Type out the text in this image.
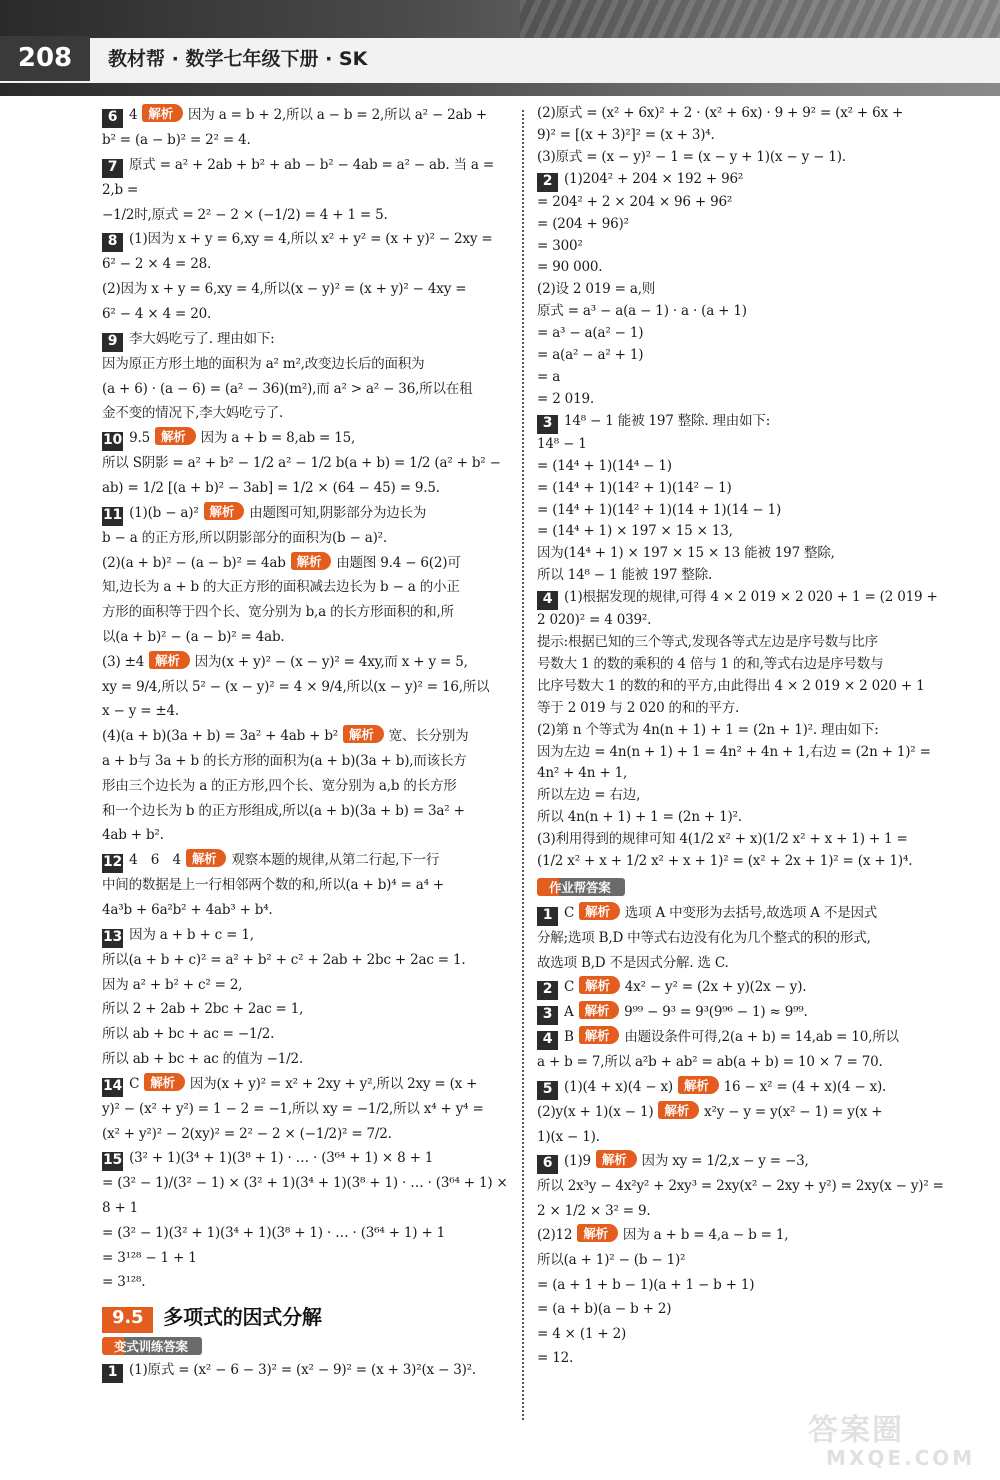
208	教材帮 · 数学七年级下册 · SK

6 4 解析 因为 a = b + 2,所以 a − b = 2,所以 a² − 2ab +

b² = (a − b)² = 2² = 4.

7 原式 = a² + 2ab + b² + ab − b² − 4ab = a² − ab. 当 a = 2,b =

−1/2时,原式 = 2² − 2 × (−1/2) = 4 + 1 = 5.

8 (1)因为 x + y = 6,xy = 4,所以 x² + y² = (x + y)² − 2xy =

6² − 2 × 4 = 28.

(2)因为 x + y = 6,xy = 4,所以(x − y)² = (x + y)² − 4xy =

6² − 4 × 4 = 20.

9 李大妈吃亏了. 理由如下:

因为原正方形土地的面积为 a² m²,改变边长后的面积为

(a + 6) · (a − 6) = (a² − 36)(m²),而 a² > a² − 36,所以在租

金不变的情况下,李大妈吃亏了.

10 9.5 解析 因为 a + b = 8,ab = 15,

所以 S阴影 = a² + b² − 1/2 a² − 1/2 b(a + b) = 1/2 (a² + b² −

ab) = 1/2 [(a + b)² − 3ab] = 1/2 × (64 − 45) = 9.5.

11 (1)(b − a)² 解析 由题图可知,阴影部分为边长为

b − a 的正方形,所以阴影部分的面积为(b − a)².

(2)(a + b)² − (a − b)² = 4ab 解析 由题图 9.4 − 6(2)可

知,边长为 a + b 的大正方形的面积减去边长为 b − a 的小正

方形的面积等于四个长、宽分别为 b,a 的长方形面积的和,所

以(a + b)² − (a − b)² = 4ab.

(3) ±4 解析 因为(x + y)² − (x − y)² = 4xy,而 x + y = 5,

xy = 9/4,所以 5² − (x − y)² = 4 × 9/4,所以(x − y)² = 16,所以

x − y = ±4.

(4)(a + b)(3a + b) = 3a² + 4ab + b² 解析 宽、长分别为

a + b与 3a + b 的长方形的面积为(a + b)(3a + b),而该长方

形由三个边长为 a 的正方形,四个长、宽分别为 a,b 的长方形

和一个边长为 b 的正方形组成,所以(a + b)(3a + b) = 3a² +

4ab + b².

12 4　6　4 解析 观察本题的规律,从第二行起,下一行

中间的数据是上一行相邻两个数的和,所以(a + b)⁴ = a⁴ +

4a³b + 6a²b² + 4ab³ + b⁴.

13 因为 a + b + c = 1,

所以(a + b + c)² = a² + b² + c² + 2ab + 2bc + 2ac = 1.

因为 a² + b² + c² = 2,

所以 2 + 2ab + 2bc + 2ac = 1,

所以 ab + bc + ac = −1/2.

所以 ab + bc + ac 的值为 −1/2.

14 C 解析 因为(x + y)² = x² + 2xy + y²,所以 2xy = (x +

y)² − (x² + y²) = 1 − 2 = −1,所以 xy = −1/2,所以 x⁴ + y⁴ =

(x² + y²)² − 2(xy)² = 2² − 2 × (−1/2)² = 7/2.

15 (3² + 1)(3⁴ + 1)(3⁸ + 1) · … · (3⁶⁴ + 1) × 8 + 1

= (3² − 1)/(3² − 1) × (3² + 1)(3⁴ + 1)(3⁸ + 1) · … · (3⁶⁴ + 1) × 8 + 1

= (3² − 1)(3² + 1)(3⁴ + 1)(3⁸ + 1) · … · (3⁶⁴ + 1) + 1

= 3¹²⁸ − 1 + 1

= 3¹²⁸.

9.5 多项式的因式分解
变式训练答案

1 (1)原式 = (x² − 6 − 3)² = (x² − 9)² = (x + 3)²(x − 3)².

(2)原式 = (x² + 6x)² + 2 · (x² + 6x) · 9 + 9² = (x² + 6x +

9)² = [(x + 3)²]² = (x + 3)⁴.

(3)原式 = (x − y)² − 1 = (x − y + 1)(x − y − 1).

2 (1)204² + 204 × 192 + 96²

= 204² + 2 × 204 × 96 + 96²

= (204 + 96)²

= 300²

= 90 000.

(2)设 2 019 = a,则

原式 = a³ − a(a − 1) · a · (a + 1)

= a³ − a(a² − 1)

= a(a² − a² + 1)

= a

= 2 019.

3 14⁸ − 1 能被 197 整除. 理由如下:

14⁸ − 1

= (14⁴ + 1)(14⁴ − 1)

= (14⁴ + 1)(14² + 1)(14² − 1)

= (14⁴ + 1)(14² + 1)(14 + 1)(14 − 1)

= (14⁴ + 1) × 197 × 15 × 13,

因为(14⁴ + 1) × 197 × 15 × 13 能被 197 整除,

所以 14⁸ − 1 能被 197 整除.

4 (1)根据发现的规律,可得 4 × 2 019 × 2 020 + 1 = (2 019 +

2 020)² = 4 039².

提示:根据已知的三个等式,发现各等式左边是序号数与比序

号数大 1 的数的乘积的 4 倍与 1 的和,等式右边是序号数与

比序号数大 1 的数的和的平方,由此得出 4 × 2 019 × 2 020 + 1

等于 2 019 与 2 020 的和的平方.

(2)第 n 个等式为 4n(n + 1) + 1 = (2n + 1)². 理由如下:

因为左边 = 4n(n + 1) + 1 = 4n² + 4n + 1,右边 = (2n + 1)² =

4n² + 4n + 1,

所以左边 = 右边,

所以 4n(n + 1) + 1 = (2n + 1)².

(3)利用得到的规律可知 4(1/2 x² + x)(1/2 x² + x + 1) + 1 =

(1/2 x² + x + 1/2 x² + x + 1)² = (x² + 2x + 1)² = (x + 1)⁴.

作业帮答案

1 C 解析 选项 A 中变形为去括号,故选项 A 不是因式

分解;选项 B,D 中等式右边没有化为几个整式的积的形式,

故选项 B,D 不是因式分解. 选 C.

2 C 解析 4x² − y² = (2x + y)(2x − y).

3 A 解析 9⁹⁹ − 9³ = 9³(9⁹⁶ − 1) ≈ 9⁹⁹.

4 B 解析 由题设条件可得,2(a + b) = 14,ab = 10,所以

a + b = 7,所以 a²b + ab² = ab(a + b) = 10 × 7 = 70.

5 (1)(4 + x)(4 − x) 解析 16 − x² = (4 + x)(4 − x).

(2)y(x + 1)(x − 1) 解析 x²y − y = y(x² − 1) = y(x +

1)(x − 1).

6 (1)9 解析 因为 xy = 1/2,x − y = −3,

所以 2x³y − 4x²y² + 2xy³ = 2xy(x² − 2xy + y²) = 2xy(x − y)² =

2 × 1/2 × 3² = 9.

(2)12 解析 因为 a + b = 4,a − b = 1,

所以(a + 1)² − (b − 1)²

= (a + 1 + b − 1)(a + 1 − b + 1)

= (a + b)(a − b + 2)

= 4 × (1 + 2)

= 12.

答案圈
MXQE.COM
